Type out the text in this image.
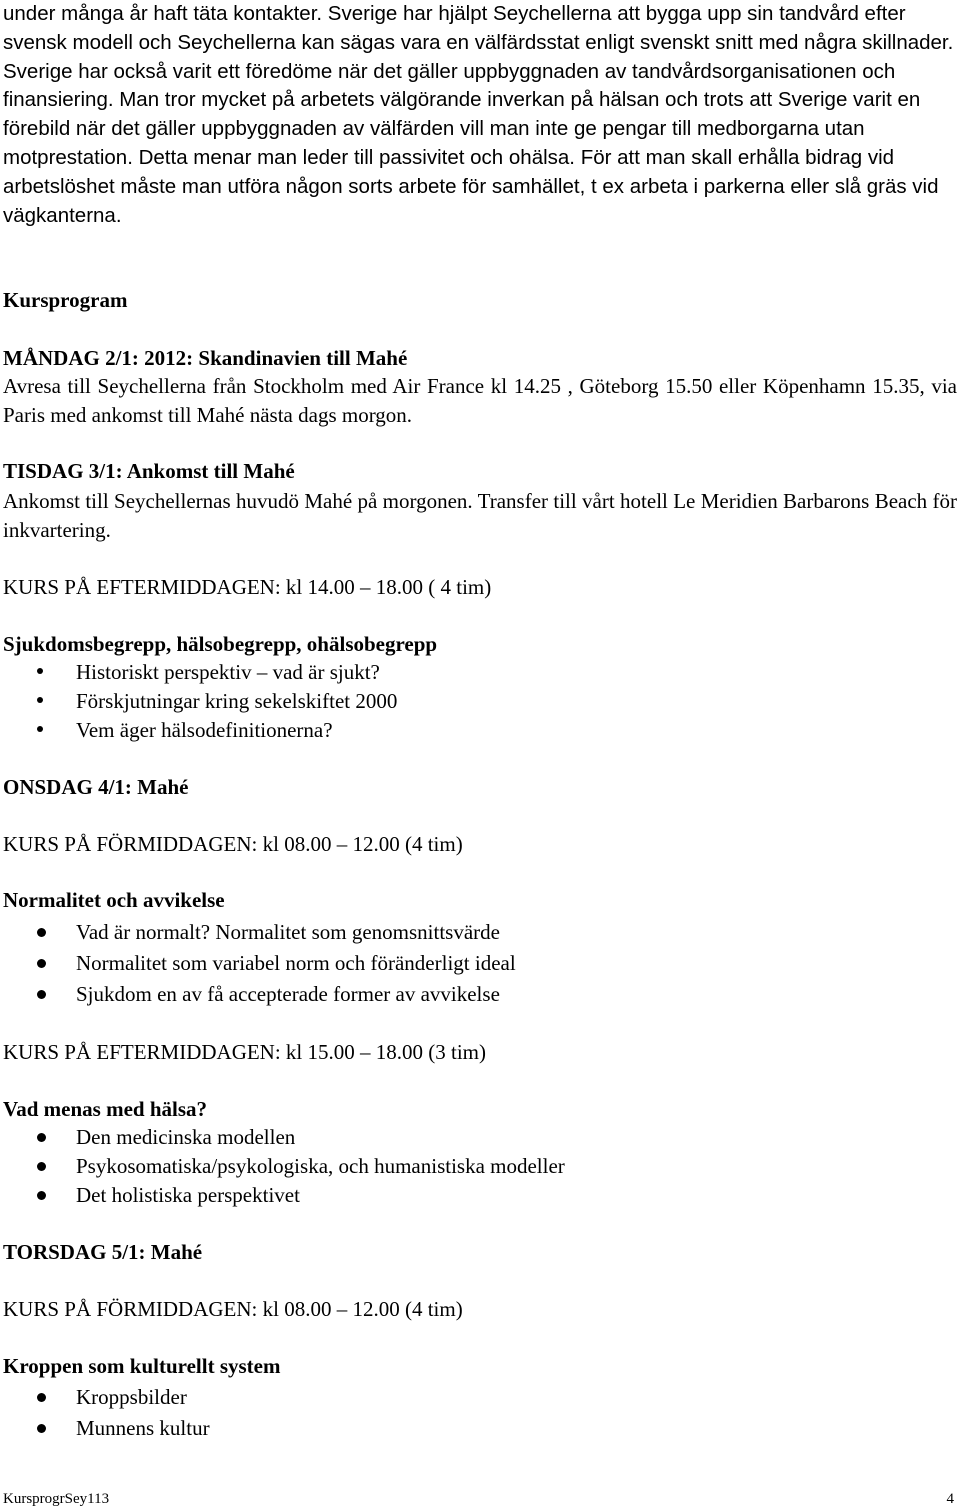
under många år haft täta kontakter. Sverige har hjälpt Seychellerna att bygga upp sin tandvård efter svensk modell och Seychellerna kan sägas vara en välfärdsstat enligt svenskt snitt med några skillnader. Sverige har också varit ett föredöme när det gäller uppbyggnaden av tandvårdsorganisationen och finansiering. Man tror mycket på arbetets välgörande inverkan på hälsan och trots att Sverige varit en förebild när det gäller uppbyggnaden av välfärden vill man inte ge pengar till medborgarna utan motprestation. Detta menar man leder till passivitet och ohälsa. För att man skall erhålla bidrag vid arbetslöshet måste man utföra någon sorts arbete för samhället, t ex arbeta i parkerna eller slå gräs vid vägkanterna.
Kursprogram
MÅNDAG 2/1: 2012: Skandinavien till Mahé
Avresa till Seychellerna från Stockholm med Air France kl 14.25 , Göteborg 15.50 eller Köpenhamn 15.35, via Paris med ankomst till Mahé nästa dags morgon.
TISDAG 3/1: Ankomst till Mahé
Ankomst till Seychellernas huvudö Mahé på morgonen. Transfer till vårt hotell Le Meridien Barbarons Beach för inkvartering.
KURS PÅ EFTERMIDDAGEN: kl 14.00 – 18.00 ( 4 tim)
Sjukdomsbegrepp, hälsobegrepp, ohälsobegrepp
Historiskt perspektiv – vad är sjukt?
Förskjutningar kring sekelskiftet 2000
Vem äger hälsodefinitionerna?
ONSDAG 4/1: Mahé
KURS PÅ FÖRMIDDAGEN: kl 08.00 – 12.00 (4 tim)
Normalitet och avvikelse
Vad är normalt? Normalitet som genomsnittsvärde
Normalitet som variabel norm och föränderligt ideal
Sjukdom en av få accepterade former av avvikelse
KURS PÅ EFTERMIDDAGEN: kl 15.00 – 18.00 (3 tim)
Vad menas med hälsa?
Den medicinska modellen
Psykosomatiska/psykologiska, och humanistiska modeller
Det holistiska perspektivet
TORSDAG 5/1: Mahé
KURS PÅ FÖRMIDDAGEN: kl 08.00 – 12.00 (4 tim)
Kroppen som kulturellt system
Kroppsbilder
Munnens kultur
KursprogrSey113	4
